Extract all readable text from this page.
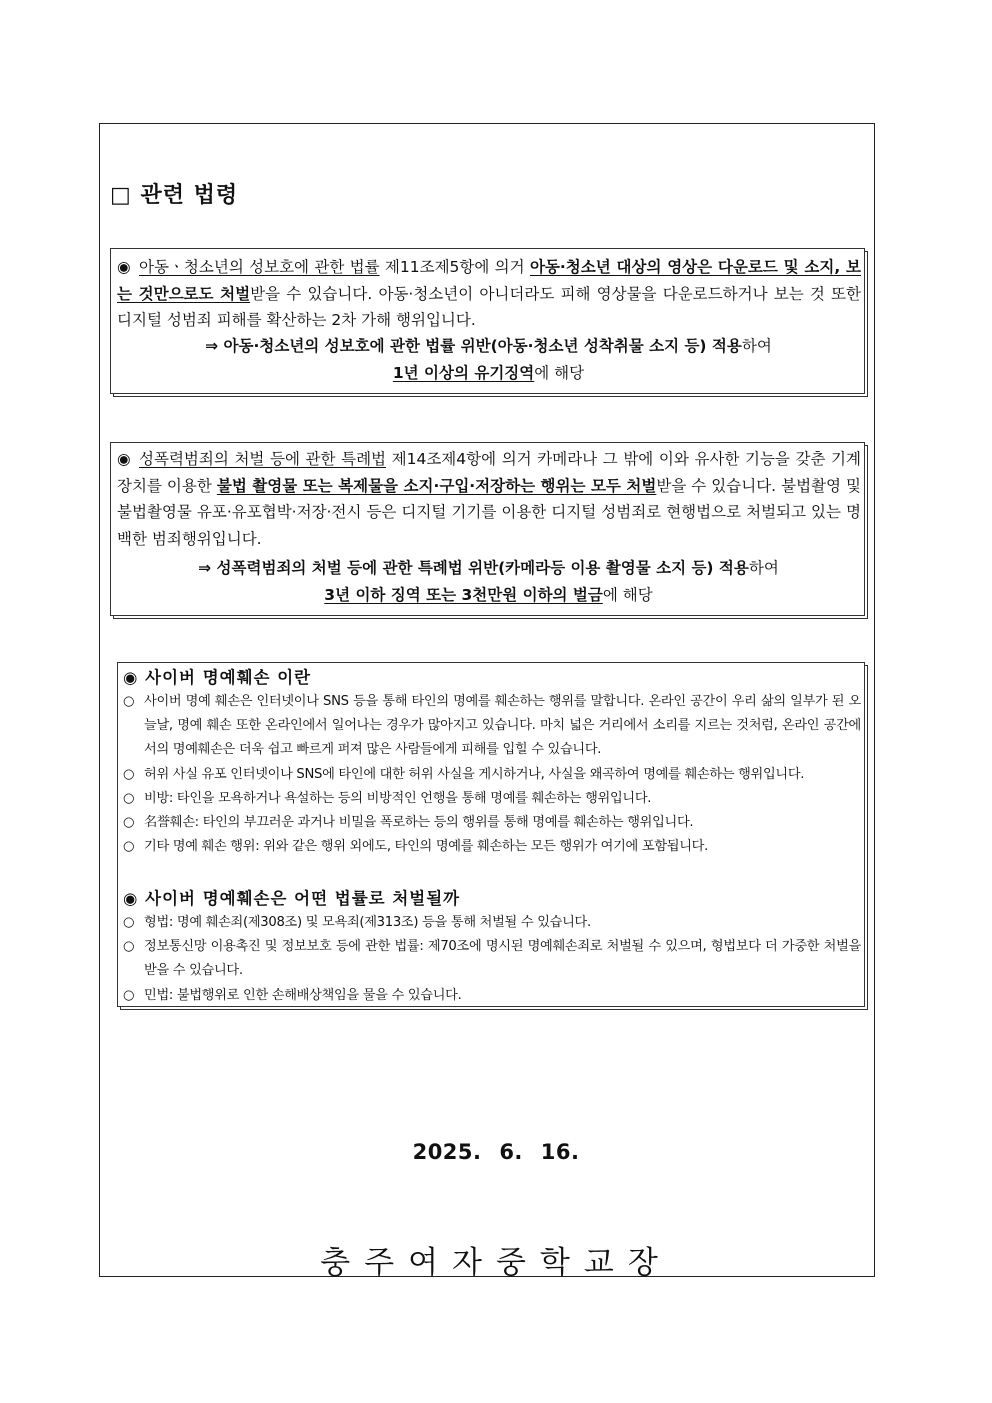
□ 관련 법령
◉ 아동ㆍ청소년의 성보호에 관한 법률 제11조제5항에 의거 아동·청소년 대상의 영상은 다운로드 및 소지, 보는 것만으로도 처벌받을 수 있습니다. 아동·청소년이 아니더라도 피해 영상물을 다운로드하거나 보는 것 또한 디지털 성범죄 피해를 확산하는 2차 가해 행위입니다.
⇒ 아동·청소년의 성보호에 관한 법률 위반(아동·청소년 성착취물 소지 등) 적용하여
1년 이상의 유기징역에 해당
◉ 성폭력범죄의 처벌 등에 관한 특례법 제14조제4항에 의거 카메라나 그 밖에 이와 유사한 기능을 갖춘 기계장치를 이용한 불법 촬영물 또는 복제물을 소지·구입·저장하는 행위는 모두 처벌받을 수 있습니다. 불법촬영 및 불법촬영물 유포·유포협박·저장·전시 등은 디지털 기기를 이용한 디지털 성범죄로 현행법으로 처벌되고 있는 명백한 범죄행위입니다.
⇒ 성폭력범죄의 처벌 등에 관한 특례법 위반(카메라등 이용 촬영물 소지 등) 적용하여
3년 이하 징역 또는 3천만원 이하의 벌금에 해당
◉ 사이버 명예훼손 이란
○ 사이버 명예 훼손은 인터넷이나 SNS 등을 통해 타인의 명예를 훼손하는 행위를 말합니다. 온라인 공간이 우리 삶의 일부가 된 오늘날, 명예 훼손 또한 온라인에서 일어나는 경우가 많아지고 있습니다. 마치 넓은 거리에서 소리를 지르는 것처럼, 온라인 공간에서의 명예훼손은 더욱 쉽고 빠르게 퍼져 많은 사람들에게 피해를 입힐 수 있습니다.
○ 허위 사실 유포 인터넷이나 SNS에 타인에 대한 허위 사실을 게시하거나, 사실을 왜곡하여 명예를 훼손하는 행위입니다.
○ 비방: 타인을 모욕하거나 욕설하는 등의 비방적인 언행을 통해 명예를 훼손하는 행위입니다.
○ 名誉훼손: 타인의 부끄러운 과거나 비밀을 폭로하는 등의 행위를 통해 명예를 훼손하는 행위입니다.
○ 기타 명예 훼손 행위: 위와 같은 행위 외에도, 타인의 명예를 훼손하는 모든 행위가 여기에 포함됩니다.
◉ 사이버 명예훼손은 어떤 법률로 처벌될까
○ 형법: 명예 훼손죄(제308조) 및 모욕죄(제313조) 등을 통해 처벌될 수 있습니다.
○ 정보통신망 이용촉진 및 정보보호 등에 관한 법률: 제70조에 명시된 명예훼손죄로 처벌될 수 있으며, 형법보다 더 가중한 처벌을 받을 수 있습니다.
○ 민법: 불법행위로 인한 손해배상책임을 물을 수 있습니다.
2025. 6. 16.
충주여자중학교장
